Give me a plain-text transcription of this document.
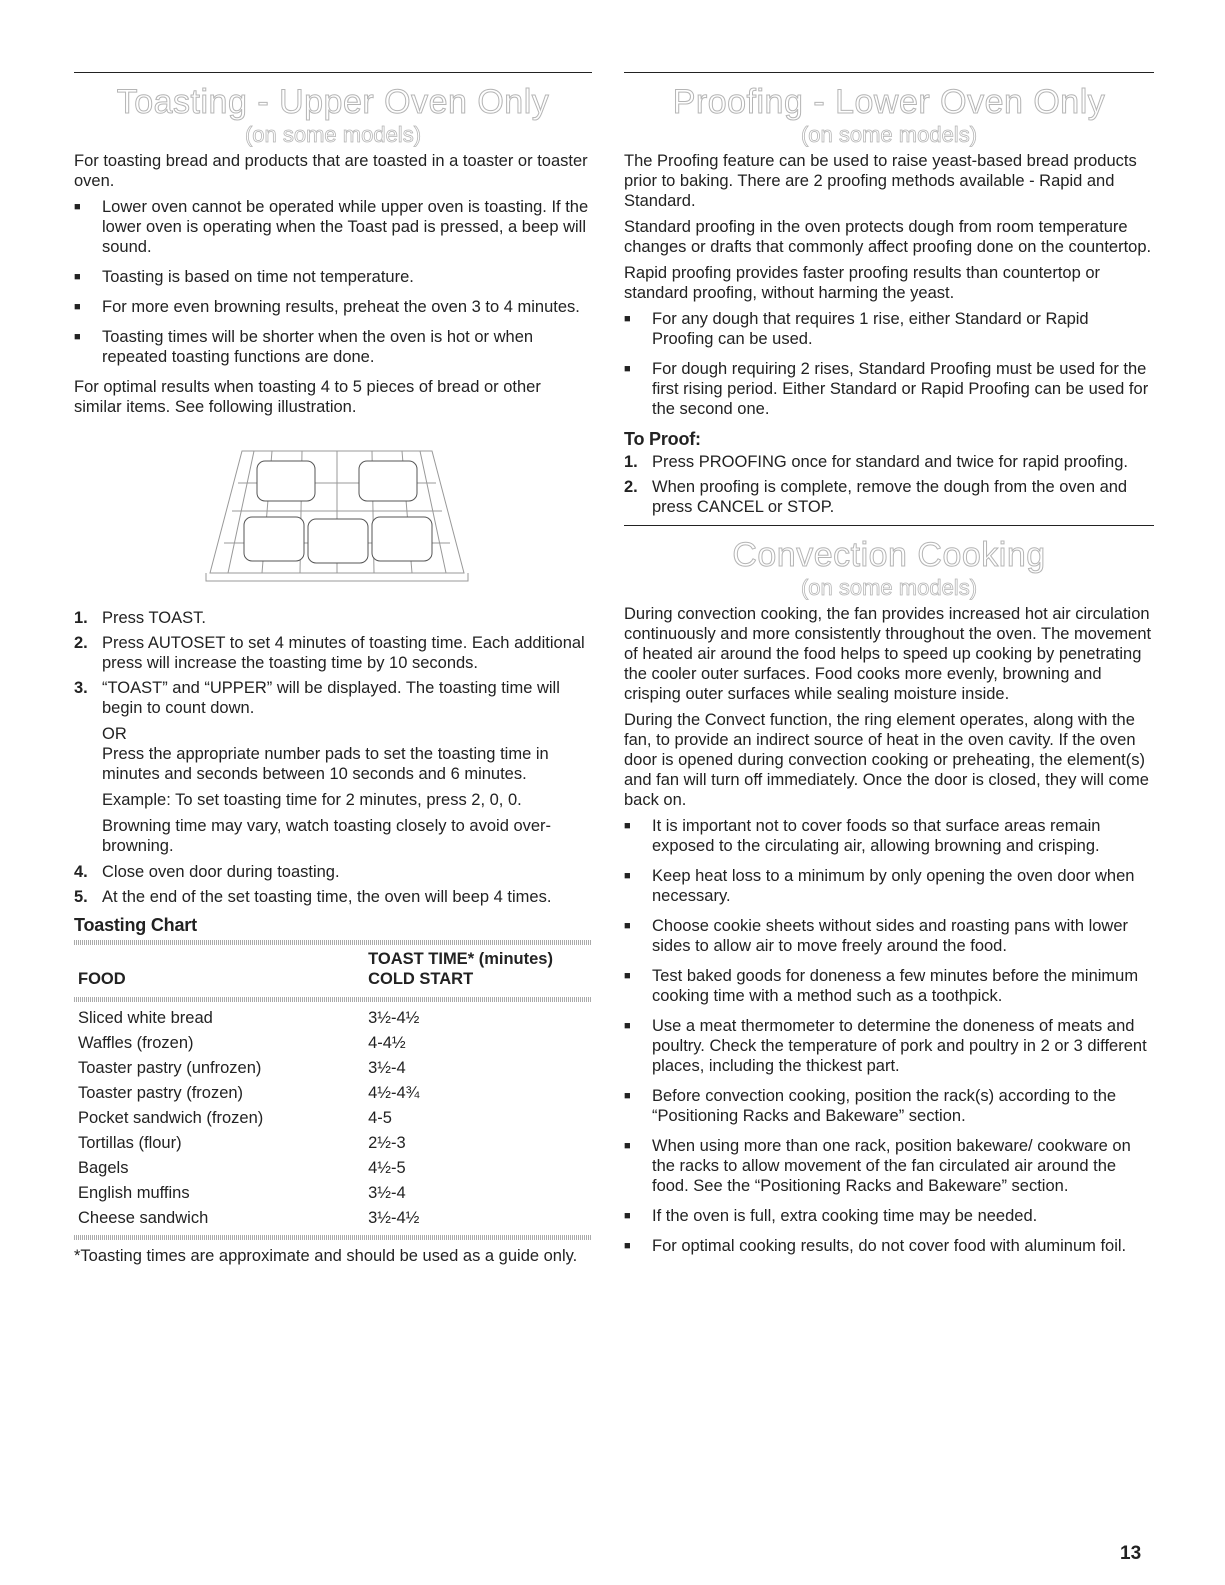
Toasting - Upper Oven Only
(on some models)

For toasting bread and products that are toasted in a toaster or toaster oven.

■ Lower oven cannot be operated while upper oven is toasting. If the lower oven is operating when the Toast pad is pressed, a beep will sound.
■ Toasting is based on time not temperature.
■ For more even browning results, preheat the oven 3 to 4 minutes.
■ Toasting times will be shorter when the oven is hot or when repeated toasting functions are done.

For optimal results when toasting 4 to 5 pieces of bread or other similar items. See following illustration.

1. Press TOAST.
2. Press AUTOSET to set 4 minutes of toasting time. Each additional press will increase the toasting time by 10 seconds.
3. “TOAST” and “UPPER” will be displayed. The toasting time will begin to count down.

OR

Press the appropriate number pads to set the toasting time in minutes and seconds between 10 seconds and 6 minutes.

Example: To set toasting time for 2 minutes, press 2, 0, 0.

Browning time may vary, watch toasting closely to avoid over-browning.

4. Close oven door during toasting.
5. At the end of the set toasting time, the oven will beep 4 times.
Toasting Chart
FOOD	
TOAST TIME* (minutes)
COLD START
Sliced white bread	3½-4½
Waffles (frozen)	4-4½
Toaster pastry (unfrozen)	3½-4
Toaster pastry (frozen)	4½-4¾
Pocket sandwich (frozen)	4-5
Tortillas (flour)	2½-3
Bagels	4½-5
English muffins	3½-4
Cheese sandwich	3½-4½
*Toasting times are approximate and should be used as a guide only.
Proofing - Lower Oven Only
(on some models)

The Proofing feature can be used to raise yeast-based bread products prior to baking. There are 2 proofing methods available - Rapid and Standard.

Standard proofing in the oven protects dough from room temperature changes or drafts that commonly affect proofing done on the countertop.

Rapid proofing provides faster proofing results than countertop or standard proofing, without harming the yeast.

■ For any dough that requires 1 rise, either Standard or Rapid Proofing can be used.
■ For dough requiring 2 rises, Standard Proofing must be used for the first rising period. Either Standard or Rapid Proofing can be used for the second one.
To Proof:
1. Press PROOFING once for standard and twice for rapid proofing.
2. When proofing is complete, remove the dough from the oven and press CANCEL or STOP.
Convection Cooking
(on some models)

During convection cooking, the fan provides increased hot air circulation continuously and more consistently throughout the oven. The movement of heated air around the food helps to speed up cooking by penetrating the cooler outer surfaces. Food cooks more evenly, browning and crisping outer surfaces while sealing moisture inside.

During the Convect function, the ring element operates, along with the fan, to provide an indirect source of heat in the oven cavity. If the oven door is opened during convection cooking or preheating, the element(s) and fan will turn off immediately. Once the door is closed, they will come back on.

■ It is important not to cover foods so that surface areas remain exposed to the circulating air, allowing browning and crisping.
■ Keep heat loss to a minimum by only opening the oven door when necessary.
■ Choose cookie sheets without sides and roasting pans with lower sides to allow air to move freely around the food.
■ Test baked goods for doneness a few minutes before the minimum cooking time with a method such as a toothpick.
■ Use a meat thermometer to determine the doneness of meats and poultry. Check the temperature of pork and poultry in 2 or 3 different places, including the thickest part.
■ Before convection cooking, position the rack(s) according to the “Positioning Racks and Bakeware” section.
■ When using more than one rack, position bakeware/ cookware on the racks to allow movement of the fan circulated air around the food. See the “Positioning Racks and Bakeware” section.
■ If the oven is full, extra cooking time may be needed.
■ For optimal cooking results, do not cover food with aluminum foil.
13
